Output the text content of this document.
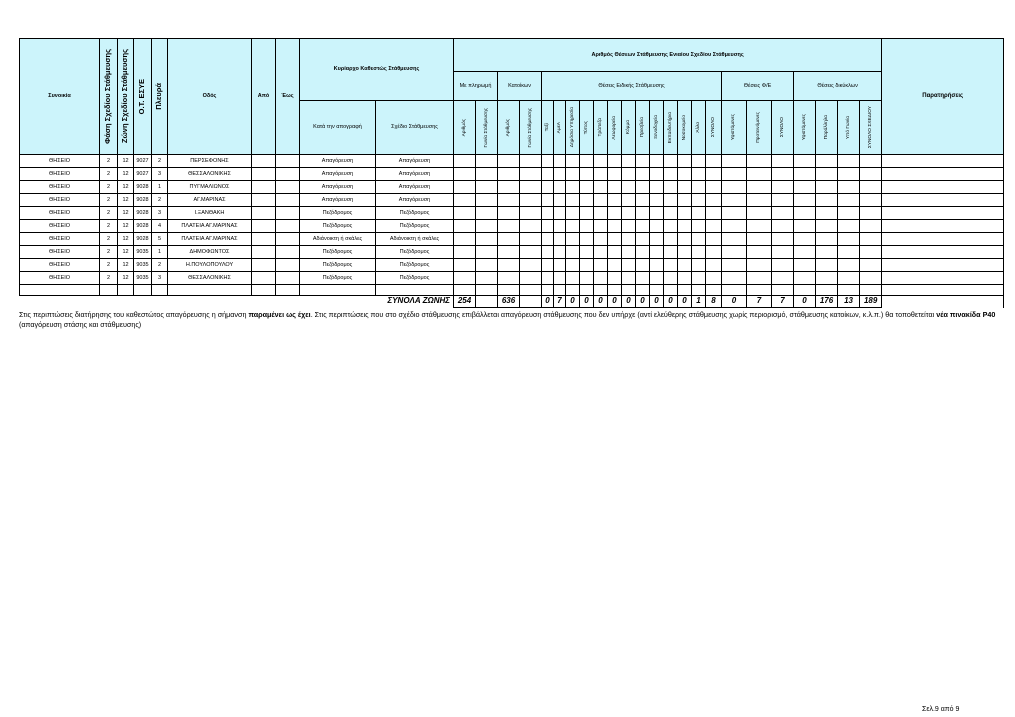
Συνοικία	Φάση Σχεδίου Στάθμευσης	Ζώνη Σχεδίου Στάθμευσης	Ο.Τ. ΕΣΥΕ	Πλευρά	Οδός	Από	Έως	Κυρίαρχο Καθεστώς Στάθμευσης		Αριθμός Θέσεων Στάθμευσης Ενιαίου Σχεδίου Στάθμευσης																								Παρατηρήσεις
										Με πληρωμή		Κατοίκων		Θέσεις Ειδικής Στάθμευσης													Θέσεις Φ/Ε			Θέσεις δικύκλων				
								Κατά την απογραφή	Σχέδιο Στάθμευσης	Αριθμός	Γωνία Στάθμευσης	Αριθμός	Γωνία Στάθμευσης	Ταξί	ΑμεΑ	Δημόσια Υπηρεσία	Τύπος	Τράπεζα	Λεωφορεία	Κόμμα	Πρεσβεία	Ξενοδοχεία	Εκπαιδευτήρια	Νοσοκομείο	Άλλο	ΣΥΝΟΛΟ	Υφιστάμενες	Προτεινόμενες	ΣΥΝΟΛΟ	Υφιστάμενες	Παράλληλα	Υπό Γωνία	ΣΥΝΟΛΟ ΣΧΕΔΙΟΥ	

ΘΗΣΕΙΟ	2	12	9027	2	ΠΕΡΣΕΦΟΝΗΣ			Απαγόρευση	Απαγόρευση																									
ΘΗΣΕΙΟ	2	12	9027	3	ΘΕΣΣΑΛΟΝΙΚΗΣ			Απαγόρευση	Απαγόρευση																									
ΘΗΣΕΙΟ	2	12	9028	1	ΠΥΓΜΑΛΙΩΝΟΣ			Απαγόρευση	Απαγόρευση																									
ΘΗΣΕΙΟ	2	12	9028	2	ΑΓ.ΜΑΡΙΝΑΣ			Απαγόρευση	Απαγόρευση																									
ΘΗΣΕΙΟ	2	12	9028	3	Ι.ΞΑΝΘΑΚΗ			Πεζόδρομος	Πεζόδρομος																									
ΘΗΣΕΙΟ	2	12	9028	4	ΠΛΑΤΕΙΑ ΑΓ.ΜΑΡΙΝΑΣ			Πεζόδρομος	Πεζόδρομος																									
ΘΗΣΕΙΟ	2	12	9028	5	ΠΛΑΤΕΙΑ ΑΓ.ΜΑΡΙΝΑΣ			Αδιάνοικτη ή σκάλες	Αδιάνοικτη ή σκάλες																									
ΘΗΣΕΙΟ	2	12	9035	1	ΔΗΜΟΦΩΝΤΟΣ			Πεζόδρομος	Πεζόδρομος																									
ΘΗΣΕΙΟ	2	12	9035	2	Η.ΠΟΥΛΟΠΟΥΛΟΥ			Πεζόδρομος	Πεζόδρομος																									
ΘΗΣΕΙΟ	2	12	9035	3	ΘΕΣΣΑΛΟΝΙΚΗΣ			Πεζόδρομος	Πεζόδρομος																									

ΣΥΝΟΛΑ ΖΩΝΗΣ										254		636		0	7	0	0	0	0	0	0	0	0	0	1	8	0	7	7	0	176	13	189	
Στις περιπτώσεις διατήρησης του καθεστώτος απαγόρευσης η σήμανση παραμένει ως έχει. Στις περιπτώσεις που στο σχέδιο στάθμευσης επιβάλλεται απαγόρευση στάθμευσης που δεν υπήρχε (αντί ελεύθερης στάθμευσης χωρίς περιορισμό, στάθμευσης κατοίκων, κ.λ.π.) θα τοποθετείται νέα πινακίδα Ρ40 (απαγόρευση στάσης και στάθμευσης)
Σελ.9 από 9
